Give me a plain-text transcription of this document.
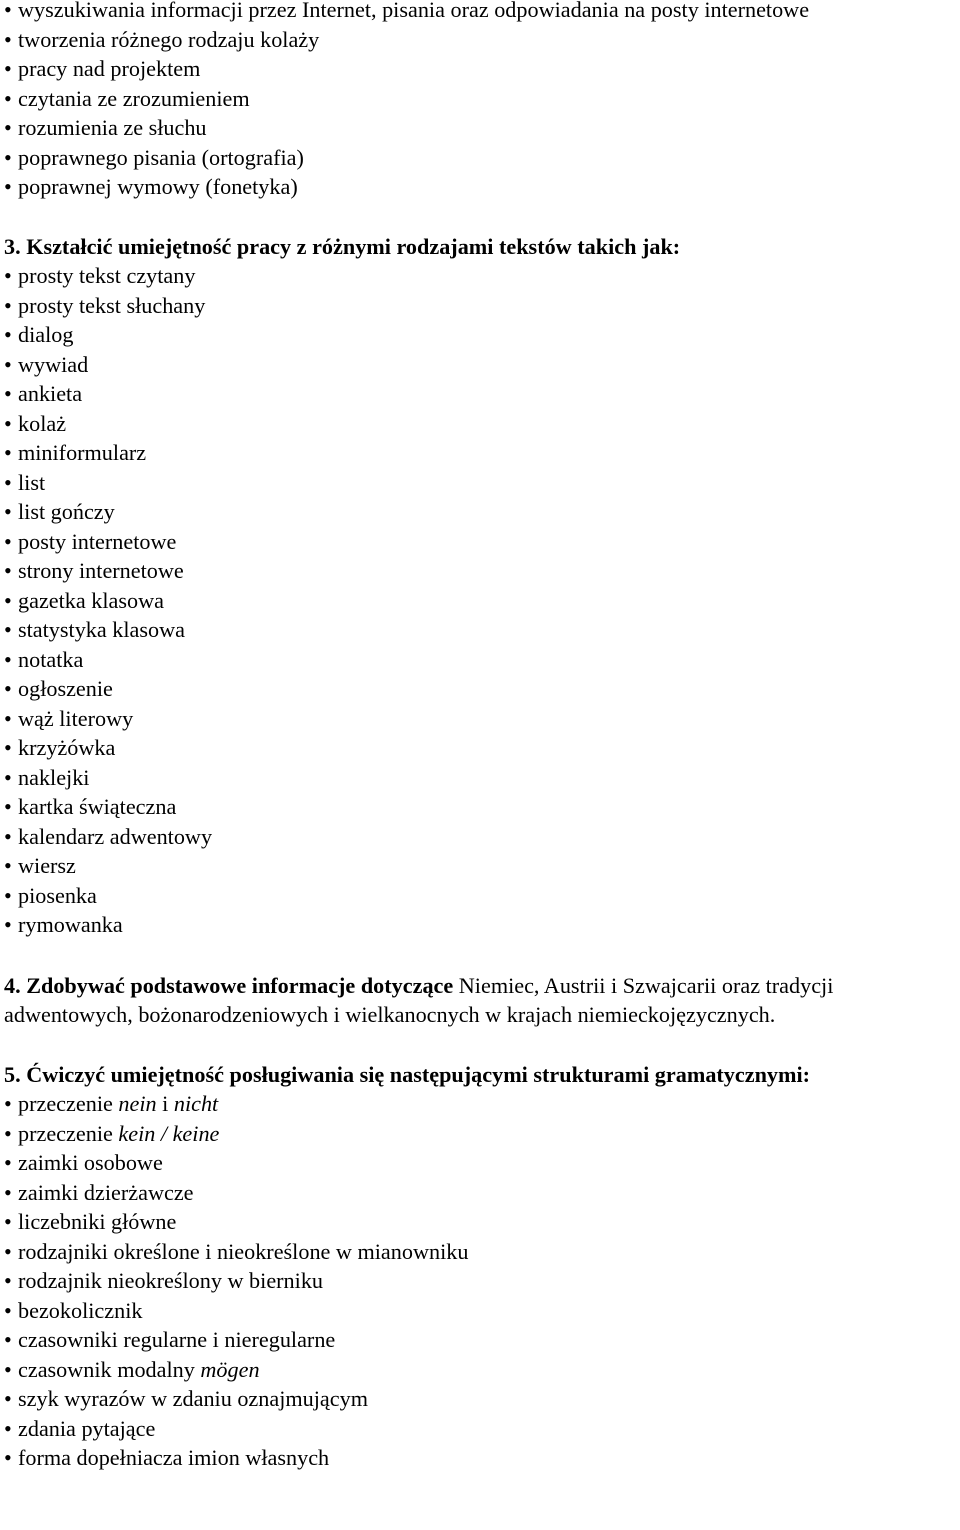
• wyszukiwania informacji przez Internet, pisania oraz odpowiadania na posty internetowe
• tworzenia różnego rodzaju kolaży
• pracy nad projektem
• czytania ze zrozumieniem
• rozumienia ze słuchu
• poprawnego pisania (ortografia)
• poprawnej wymowy (fonetyka)
3. Kształcić umiejętność pracy z różnymi rodzajami tekstów takich jak:
• prosty tekst czytany
• prosty tekst słuchany
• dialog
• wywiad
• ankieta
• kolaż
• miniformularz
• list
• list gończy
• posty internetowe
• strony internetowe
• gazetka klasowa
• statystyka klasowa
• notatka
• ogłoszenie
• wąż literowy
• krzyżówka
• naklejki
• kartka świąteczna
• kalendarz adwentowy
• wiersz
• piosenka
• rymowanka

4. Zdobywać podstawowe informacje dotyczące Niemiec, Austrii i Szwajcarii oraz tradycji adwentowych, bożonarodzeniowych i wielkanocnych w krajach niemieckojęzycznych.

5. Ćwiczyć umiejętność posługiwania się następującymi strukturami gramatycznymi:
• przeczenie nein i nicht
• przeczenie kein / keine
• zaimki osobowe
• zaimki dzierżawcze
• liczebniki główne
• rodzajniki określone i nieokreślone w mianowniku
• rodzajnik nieokreślony w bierniku
• bezokolicznik
• czasowniki regularne i nieregularne
• czasownik modalny mögen
• szyk wyrazów w zdaniu oznajmującym
• zdania pytające
• forma dopełniacza imion własnych
